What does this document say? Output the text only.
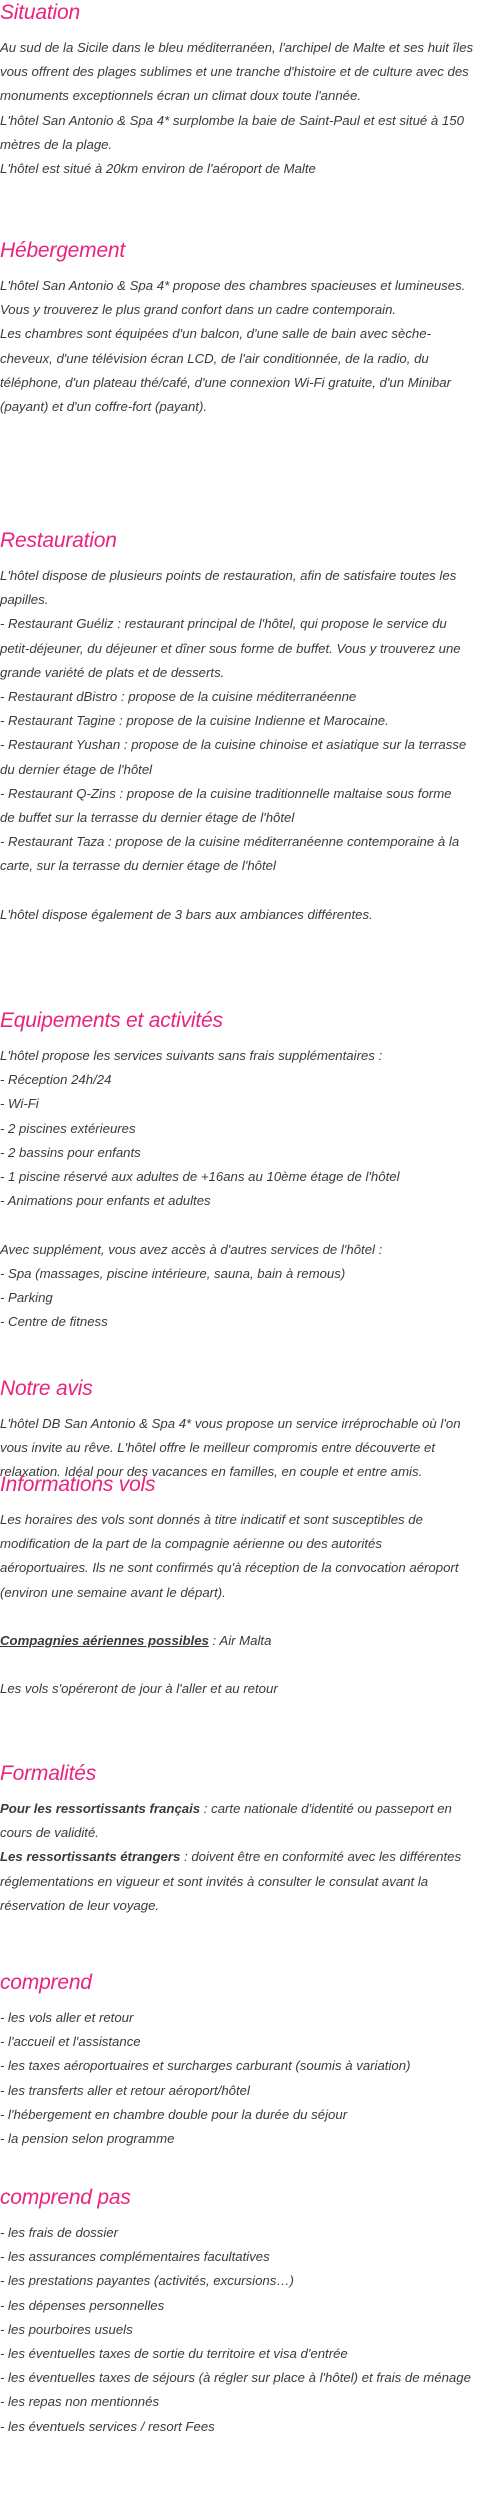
Situation

Au sud de la Sicile dans le bleu méditerranéen, l'archipel de Malte et ses huit îles

vous offrent des plages sublimes et une tranche d'histoire et de culture avec des

monuments exceptionnels écran un climat doux toute l'année.

L'hôtel San Antonio & Spa 4* surplombe la baie de Saint-Paul et est situé à 150

mètres de la plage.

L'hôtel est situé à 20km environ de l'aéroport de Malte

Hébergement

L'hôtel San Antonio & Spa 4* propose des chambres spacieuses et lumineuses.

Vous y trouverez le plus grand confort dans un cadre contemporain.

Les chambres sont équipées d'un balcon, d'une salle de bain avec sèche-

cheveux, d'une télévision écran LCD, de l'air conditionnée, de la radio, du

téléphone, d'un plateau thé/café, d'une connexion Wi-Fi gratuite, d'un Minibar

(payant) et d'un coffre-fort (payant).

Restauration

L'hôtel dispose de plusieurs points de restauration, afin de satisfaire toutes les

papilles.

- Restaurant Guéliz : restaurant principal de l'hôtel, qui propose le service du

petit-déjeuner, du déjeuner et dîner sous forme de buffet. Vous y trouverez une

grande variété de plats et de desserts.

- Restaurant dBistro : propose de la cuisine méditerranéenne

- Restaurant Tagine : propose de la cuisine Indienne et Marocaine.

- Restaurant Yushan : propose de la cuisine chinoise et asiatique sur la terrasse

du dernier étage de l'hôtel

- Restaurant Q-Zins : propose de la cuisine traditionnelle maltaise sous forme

de buffet sur la terrasse du dernier étage de l'hôtel

- Restaurant Taza : propose de la cuisine méditerranéenne contemporaine à la

carte, sur la terrasse du dernier étage de l'hôtel

L'hôtel dispose également de 3 bars aux ambiances différentes.

Equipements et activités

L'hôtel propose les services suivants sans frais supplémentaires :

- Réception 24h/24

- Wi-Fi

- 2 piscines extérieures

- 2 bassins pour enfants

- 1 piscine réservé aux adultes de +16ans au 10ème étage de l'hôtel

- Animations pour enfants et adultes

Avec supplément, vous avez accès à d'autres services de l'hôtel :

- Spa (massages, piscine intérieure, sauna, bain à remous)

- Parking

- Centre de fitness

Notre avis

L'hôtel DB San Antonio & Spa 4* vous propose un service irréprochable où l'on

vous invite au rêve. L'hôtel offre le meilleur compromis entre découverte et

relaxation. Idéal pour des vacances en familles, en couple et entre amis.

Informations vols

Les horaires des vols sont donnés à titre indicatif et sont susceptibles de

modification de la part de la compagnie aérienne ou des autorités

aéroportuaires. Ils ne sont confirmés qu'à réception de la convocation aéroport

(environ une semaine avant le départ).

Compagnies aériennes possibles : Air Malta

Les vols s'opéreront de jour à l'aller et au retour

Formalités

Pour les ressortissants français : carte nationale d'identité ou passeport en

cours de validité.

Les ressortissants étrangers : doivent être en conformité avec les différentes

réglementations en vigueur et sont invités à consulter le consulat avant la

réservation de leur voyage.

comprend

- les vols aller et retour

- l'accueil et l'assistance

- les taxes aéroportuaires et surcharges carburant (soumis à variation)

- les transferts aller et retour aéroport/hôtel

- l'hébergement en chambre double pour la durée du séjour

- la pension selon programme

comprend pas

- les frais de dossier

- les assurances complémentaires facultatives

- les prestations payantes (activités, excursions…)

- les dépenses personnelles

- les pourboires usuels

- les éventuelles taxes de sortie du territoire et visa d'entrée

- les éventuelles taxes de séjours (à régler sur place à l'hôtel) et frais de ménage

- les repas non mentionnés

- les éventuels services / resort Fees
